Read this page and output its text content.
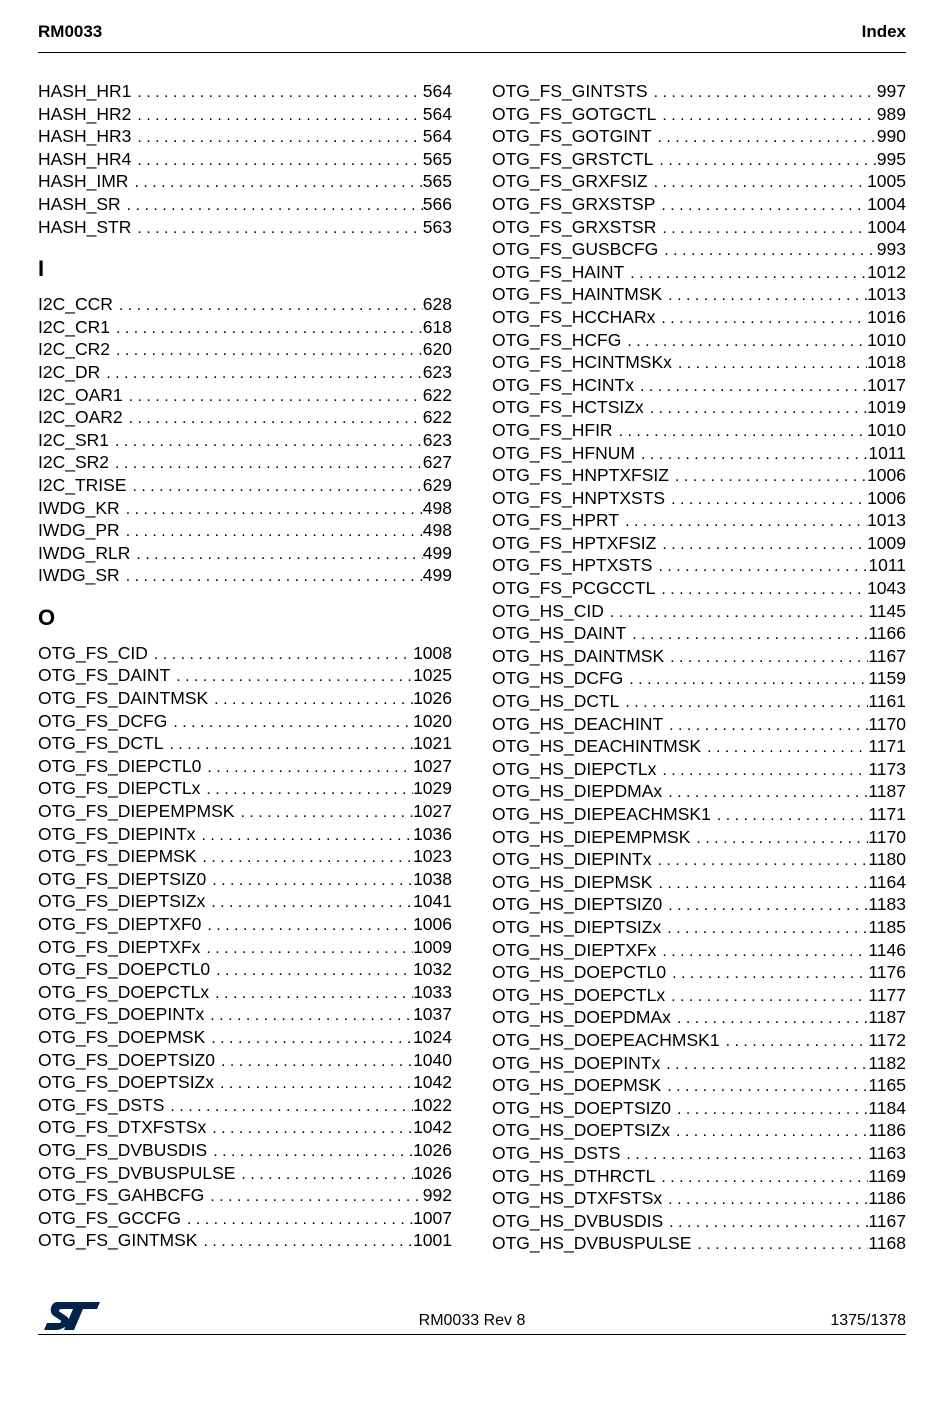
RM0033	Index
HASH_HR1 . . .	564
HASH_HR2 . . .	564
HASH_HR3 . . .	564
HASH_HR4 . . .	565
HASH_IMR . . .	565
HASH_SR . . .	566
HASH_STR . . .	563
I
I2C_CCR . . .	628
I2C_CR1 . . .	618
I2C_CR2 . . .	620
I2C_DR . . .	623
I2C_OAR1 . . .	622
I2C_OAR2 . . .	622
I2C_SR1 . . .	623
I2C_SR2 . . .	627
I2C_TRISE . . .	629
IWDG_KR . . .	498
IWDG_PR . . .	498
IWDG_RLR . . .	499
IWDG_SR . . .	499
O
OTG_FS_CID . . .	1008
OTG_FS_DAINT . . .	1025
OTG_FS_DAINTMSK . . .	1026
OTG_FS_DCFG . . .	1020
OTG_FS_DCTL . . .	1021
OTG_FS_DIEPCTL0 . . .	1027
OTG_FS_DIEPCTLx . . .	1029
OTG_FS_DIEPEMPMSK . . .	1027
OTG_FS_DIEPINTx . . .	1036
OTG_FS_DIEPMSK . . .	1023
OTG_FS_DIEPTSIZ0 . . .	1038
OTG_FS_DIEPTSIZx . . .	1041
OTG_FS_DIEPTXF0 . . .	1006
OTG_FS_DIEPTXFx . . .	1009
OTG_FS_DOEPCTL0 . . .	1032
OTG_FS_DOEPCTLx . . .	1033
OTG_FS_DOEPINTx . . .	1037
OTG_FS_DOEPMSK . . .	1024
OTG_FS_DOEPTSIZ0 . . .	1040
OTG_FS_DOEPTSIZx . . .	1042
OTG_FS_DSTS . . .	1022
OTG_FS_DTXFSTSx . . .	1042
OTG_FS_DVBUSDIS . . .	1026
OTG_FS_DVBUSPULSE . . .	1026
OTG_FS_GAHBCFG . . .	992
OTG_FS_GCCFG . . .	1007
OTG_FS_GINTMSK . . .	1001
OTG_FS_GINTSTS . . .	997
OTG_FS_GOTGCTL . . .	989
OTG_FS_GOTGINT . . .	990
OTG_FS_GRSTCTL . . .	995
OTG_FS_GRXFSIZ . . .	1005
OTG_FS_GRXSTSP . . .	1004
OTG_FS_GRXSTSR . . .	1004
OTG_FS_GUSBCFG . . .	993
OTG_FS_HAINT . . .	1012
OTG_FS_HAINTMSK . . .	1013
OTG_FS_HCCHARx . . .	1016
OTG_FS_HCFG . . .	1010
OTG_FS_HCINTMSKx . . .	1018
OTG_FS_HCINTx . . .	1017
OTG_FS_HCTSIZx . . .	1019
OTG_FS_HFIR . . .	1010
OTG_FS_HFNUM . . .	1011
OTG_FS_HNPTXFSIZ . . .	1006
OTG_FS_HNPTXSTS . . .	1006
OTG_FS_HPRT . . .	1013
OTG_FS_HPTXFSIZ . . .	1009
OTG_FS_HPTXSTS . . .	1011
OTG_FS_PCGCCTL . . .	1043
OTG_HS_CID . . .	1145
OTG_HS_DAINT . . .	1166
OTG_HS_DAINTMSK . . .	1167
OTG_HS_DCFG . . .	1159
OTG_HS_DCTL . . .	1161
OTG_HS_DEACHINT . . .	1170
OTG_HS_DEACHINTMSK . . .	1171
OTG_HS_DIEPCTLx . . .	1173
OTG_HS_DIEPDMAx . . .	1187
OTG_HS_DIEPEACHMSK1 . . .	1171
OTG_HS_DIEPEMPMSK . . .	1170
OTG_HS_DIEPINTx . . .	1180
OTG_HS_DIEPMSK . . .	1164
OTG_HS_DIEPTSIZ0 . . .	1183
OTG_HS_DIEPTSIZx . . .	1185
OTG_HS_DIEPTXFx . . .	1146
OTG_HS_DOEPCTL0 . . .	1176
OTG_HS_DOEPCTLx . . .	1177
OTG_HS_DOEPDMAx . . .	1187
OTG_HS_DOEPEACHMSK1 . . .	1172
OTG_HS_DOEPINTx . . .	1182
OTG_HS_DOEPMSK . . .	1165
OTG_HS_DOEPTSIZ0 . . .	1184
OTG_HS_DOEPTSIZx . . .	1186
OTG_HS_DSTS . . .	1163
OTG_HS_DTHRCTL . . .	1169
OTG_HS_DTXFSTSx . . .	1186
OTG_HS_DVBUSDIS . . .	1167
OTG_HS_DVBUSPULSE . . .	1168
RM0033 Rev 8	1375/1378
